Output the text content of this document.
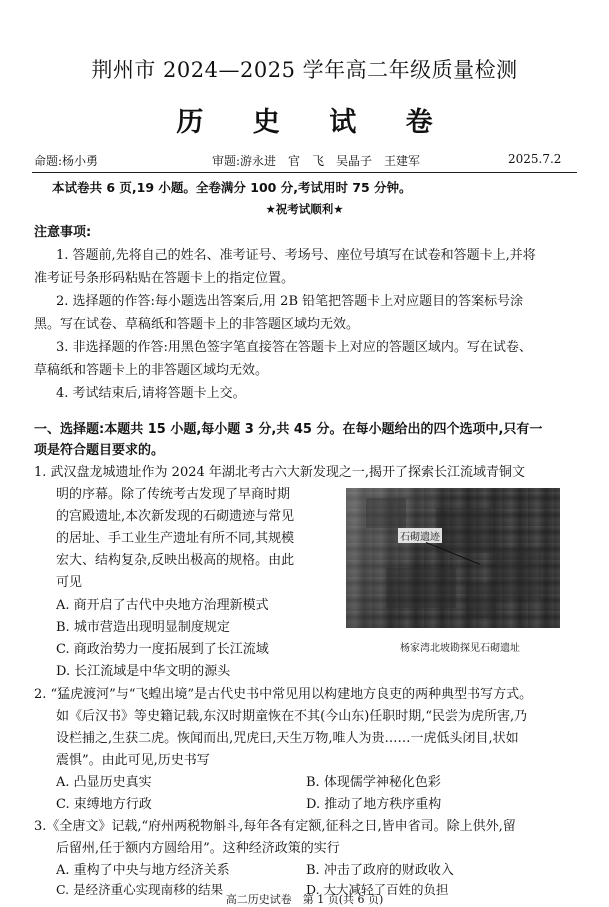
荆州市 2024—2025 学年高二年级质量检测
历 史 试 卷
命题:杨小勇	审题:游永进　官　飞　吴晶子　王建军	2025.7.2
本试卷共 6 页,19 小题。全卷满分 100 分,考试用时 75 分钟。
★祝考试顺利★
注意事项:
1. 答题前,先将自己的姓名、准考证号、考场号、座位号填写在试卷和答题卡上,并将
准考证号条形码粘贴在答题卡上的指定位置。
2. 选择题的作答:每小题选出答案后,用 2B 铅笔把答题卡上对应题目的答案标号涂
黑。写在试卷、草稿纸和答题卡上的非答题区域均无效。
3. 非选择题的作答:用黑色签字笔直接答在答题卡上对应的答题区域内。写在试卷、
草稿纸和答题卡上的非答题区域均无效。
4. 考试结束后,请将答题卡上交。
一、选择题:本题共 15 小题,每小题 3 分,共 45 分。在每小题给出的四个选项中,只有一
项是符合题目要求的。
1. 武汉盘龙城遗址作为 2024 年湖北考古六大新发现之一,揭开了探索长江流域青铜文
明的序幕。除了传统考古发现了早商时期
的宫殿遗址,本次新发现的石砌遗迹与常见
的居址、手工业生产遗址有所不同,其规模
宏大、结构复杂,反映出极高的规格。由此
可见
A. 商开启了古代中央地方治理新模式
B. 城市营造出现明显制度规定
C. 商政治势力一度拓展到了长江流域
D. 长江流域是中华文明的源头
石砌遗迹
杨家湾北坡勘探见石砌遗址
2. “猛虎渡河”与“飞蝗出境”是古代史书中常见用以构建地方良吏的两种典型书写方式。
如《后汉书》等史籍记载,东汉时期童恢在不其(今山东)任职时期,“民尝为虎所害,乃
设栏捕之,生获二虎。恢闻而出,咒虎曰,天生万物,唯人为贵……一虎低头闭目,状如
震惧”。由此可见,历史书写
A. 凸显历史真实	B. 体现儒学神秘化色彩
C. 束缚地方行政	D. 推动了地方秩序重构
3.《全唐文》记载,“府州两税物斛斗,每年各有定额,征科之日,皆申省司。除上供外,留
后留州,任于额内方圆给用”。这种经济政策的实行
A. 重构了中央与地方经济关系	B. 冲击了政府的财政收入
C. 是经济重心实现南移的结果	D. 大大减轻了百姓的负担
高二历史试卷　第 1 页(共 6 页)
